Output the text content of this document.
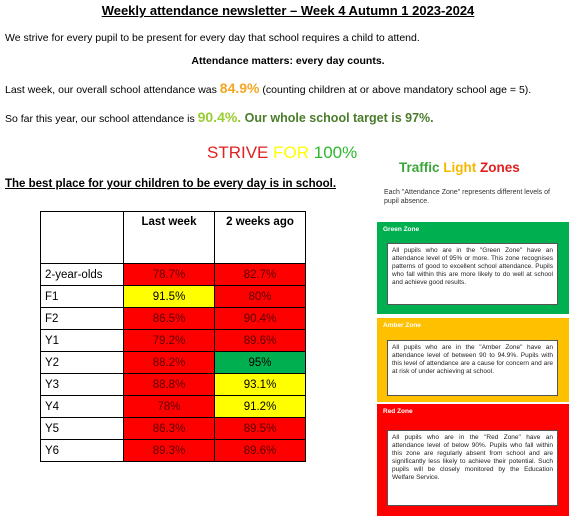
Weekly attendance newsletter – Week 4 Autumn 1 2023-2024
We strive for every pupil to be present for every day that school requires a child to attend.
Attendance matters: every day counts.
Last week, our overall school attendance was 84.9% (counting children at or above mandatory school age = 5).
So far this year, our school attendance is 90.4%. Our whole school target is 97%.
STRIVE FOR 100%
The best place for your children to be every day is in school.
	Last week	2 weeks ago
2-year-olds	78.7%	82.7%
F1	91.5%	80%
F2	86.5%	90.4%
Y1	79.2%	89.6%
Y2	88.2%	95%
Y3	88.8%	93.1%
Y4	78%	91.2%
Y5	86.3%	89.5%
Y6	89.3%	89.6%
Traffic Light Zones
Each "Attendance Zone" represents different levels of pupil absence.
Green Zone
All pupils who are in the "Green Zone" have an attendance level of 95% or more. This zone recognises patterns of good to excellent school attendance. Pupils who fall within this are more likely to do well at school and achieve good results.
Amber Zone
All pupils who are in the "Amber Zone" have an attendance level of between 90 to 94.9%. Pupils with this level of attendance are a cause for concern and are at risk of under achieving at school.
Red Zone
All pupils who are in the "Red Zone" have an attendance level of below 90%. Pupils who fall within this zone are regularly absent from school and are significantly less likely to achieve their potential. Such pupils will be closely monitored by the Education Welfare Service.
